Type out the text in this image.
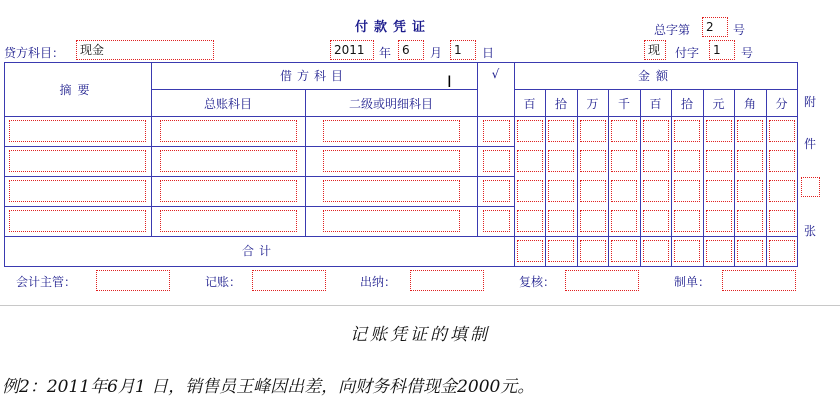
付款凭证	总字第	2	号
贷方科目：	现金	2011	年 6	月 1	日	现	付字	1	号
摘要
借方科目	√	金额
总账科目	二级或明细科目	百	拾	万	千	百	拾	元	角	分
合计
附
件
张
I
会计主管：	记账：	出纳：	复核：	制单：
记账凭证的填制
例2：2011年6月1 日，销售员王峰因出差，向财务科借现金2000元。
